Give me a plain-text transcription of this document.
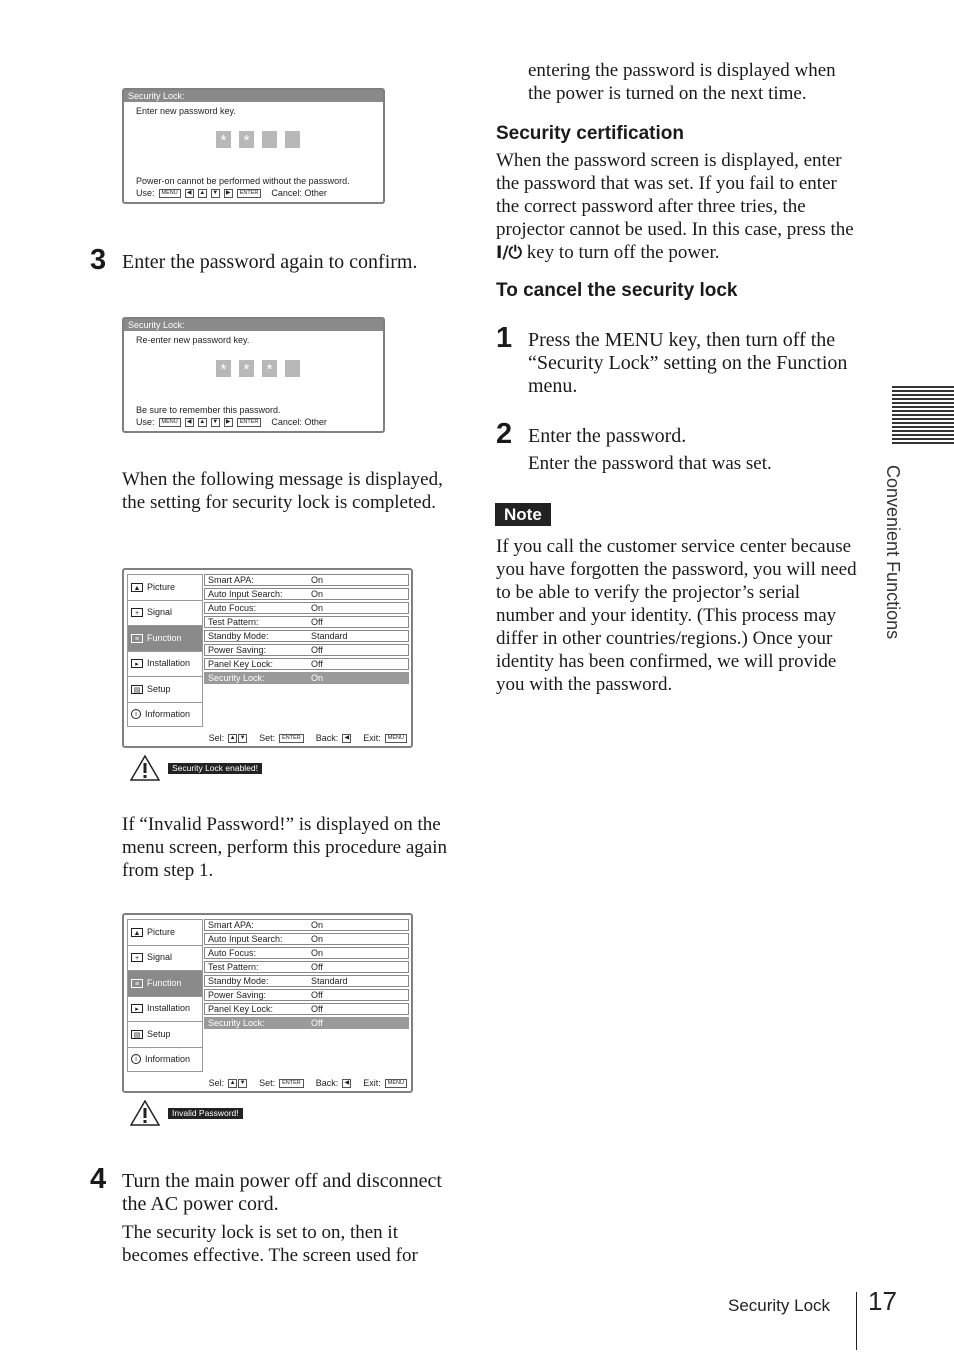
Security Lock:
Enter new password key.
*	*
Power-on cannot be performed without the password.
Use:	MENU	◀	▲ ▼	▶	ENTER	Cancel: Other
3 Enter the password again to confirm.
Security Lock:
Re-enter new password key.
*	*	*
Be sure to remember this password.
Use:	MENU	◀	▲ ▼	▶	ENTER	Cancel: Other
When the following message is displayed, the setting for security lock is completed.
▲ Picture
+ Signal
≡ Function
▸ Installation
▤ Setup
i Information
Smart APA:	On
Auto Input Search:	On
Auto Focus:	On
Test Pattern:	Off
Standby Mode:	Standard
Power Saving:	Off
Panel Key Lock:	Off
Security Lock:	On
Sel: ▲ ▼ Set:	ENTER	Back:	◀ Exit:	MENU
Security Lock enabled!
If “Invalid Password!” is displayed on the menu screen, perform this procedure again from step 1.
▲ Picture
+ Signal
≡ Function
▸ Installation
▤ Setup
i Information
Smart APA:	On
Auto Input Search:	On
Auto Focus:	On
Test Pattern:	Off
Standby Mode:	Standard
Power Saving:	Off
Panel Key Lock:	Off
Security Lock:	Off
Sel: ▲ ▼ Set:	ENTER	Back:	◀ Exit:	MENU
Invalid Password!
4 Turn the main power off and disconnect the AC power cord.
The security lock is set to on, then it becomes effective. The screen used for
entering the password is displayed when the power is turned on the next time.
Security certification
When the password screen is displayed, enter the password that was set. If you fail to enter the correct password after three tries, the projector cannot be used. In this case, press the I/⏻ key to turn off the power.
To cancel the security lock
1 Press the MENU key, then turn off the “Security Lock” setting on the Function menu.
2 Enter the password.
Enter the password that was set.
Note
If you call the customer service center because you have forgotten the password, you will need to be able to verify the projector’s serial number and your identity. (This process may differ in other countries/regions.) Once your identity has been confirmed, we will provide you with the password.
Convenient Functions
Security Lock 17
